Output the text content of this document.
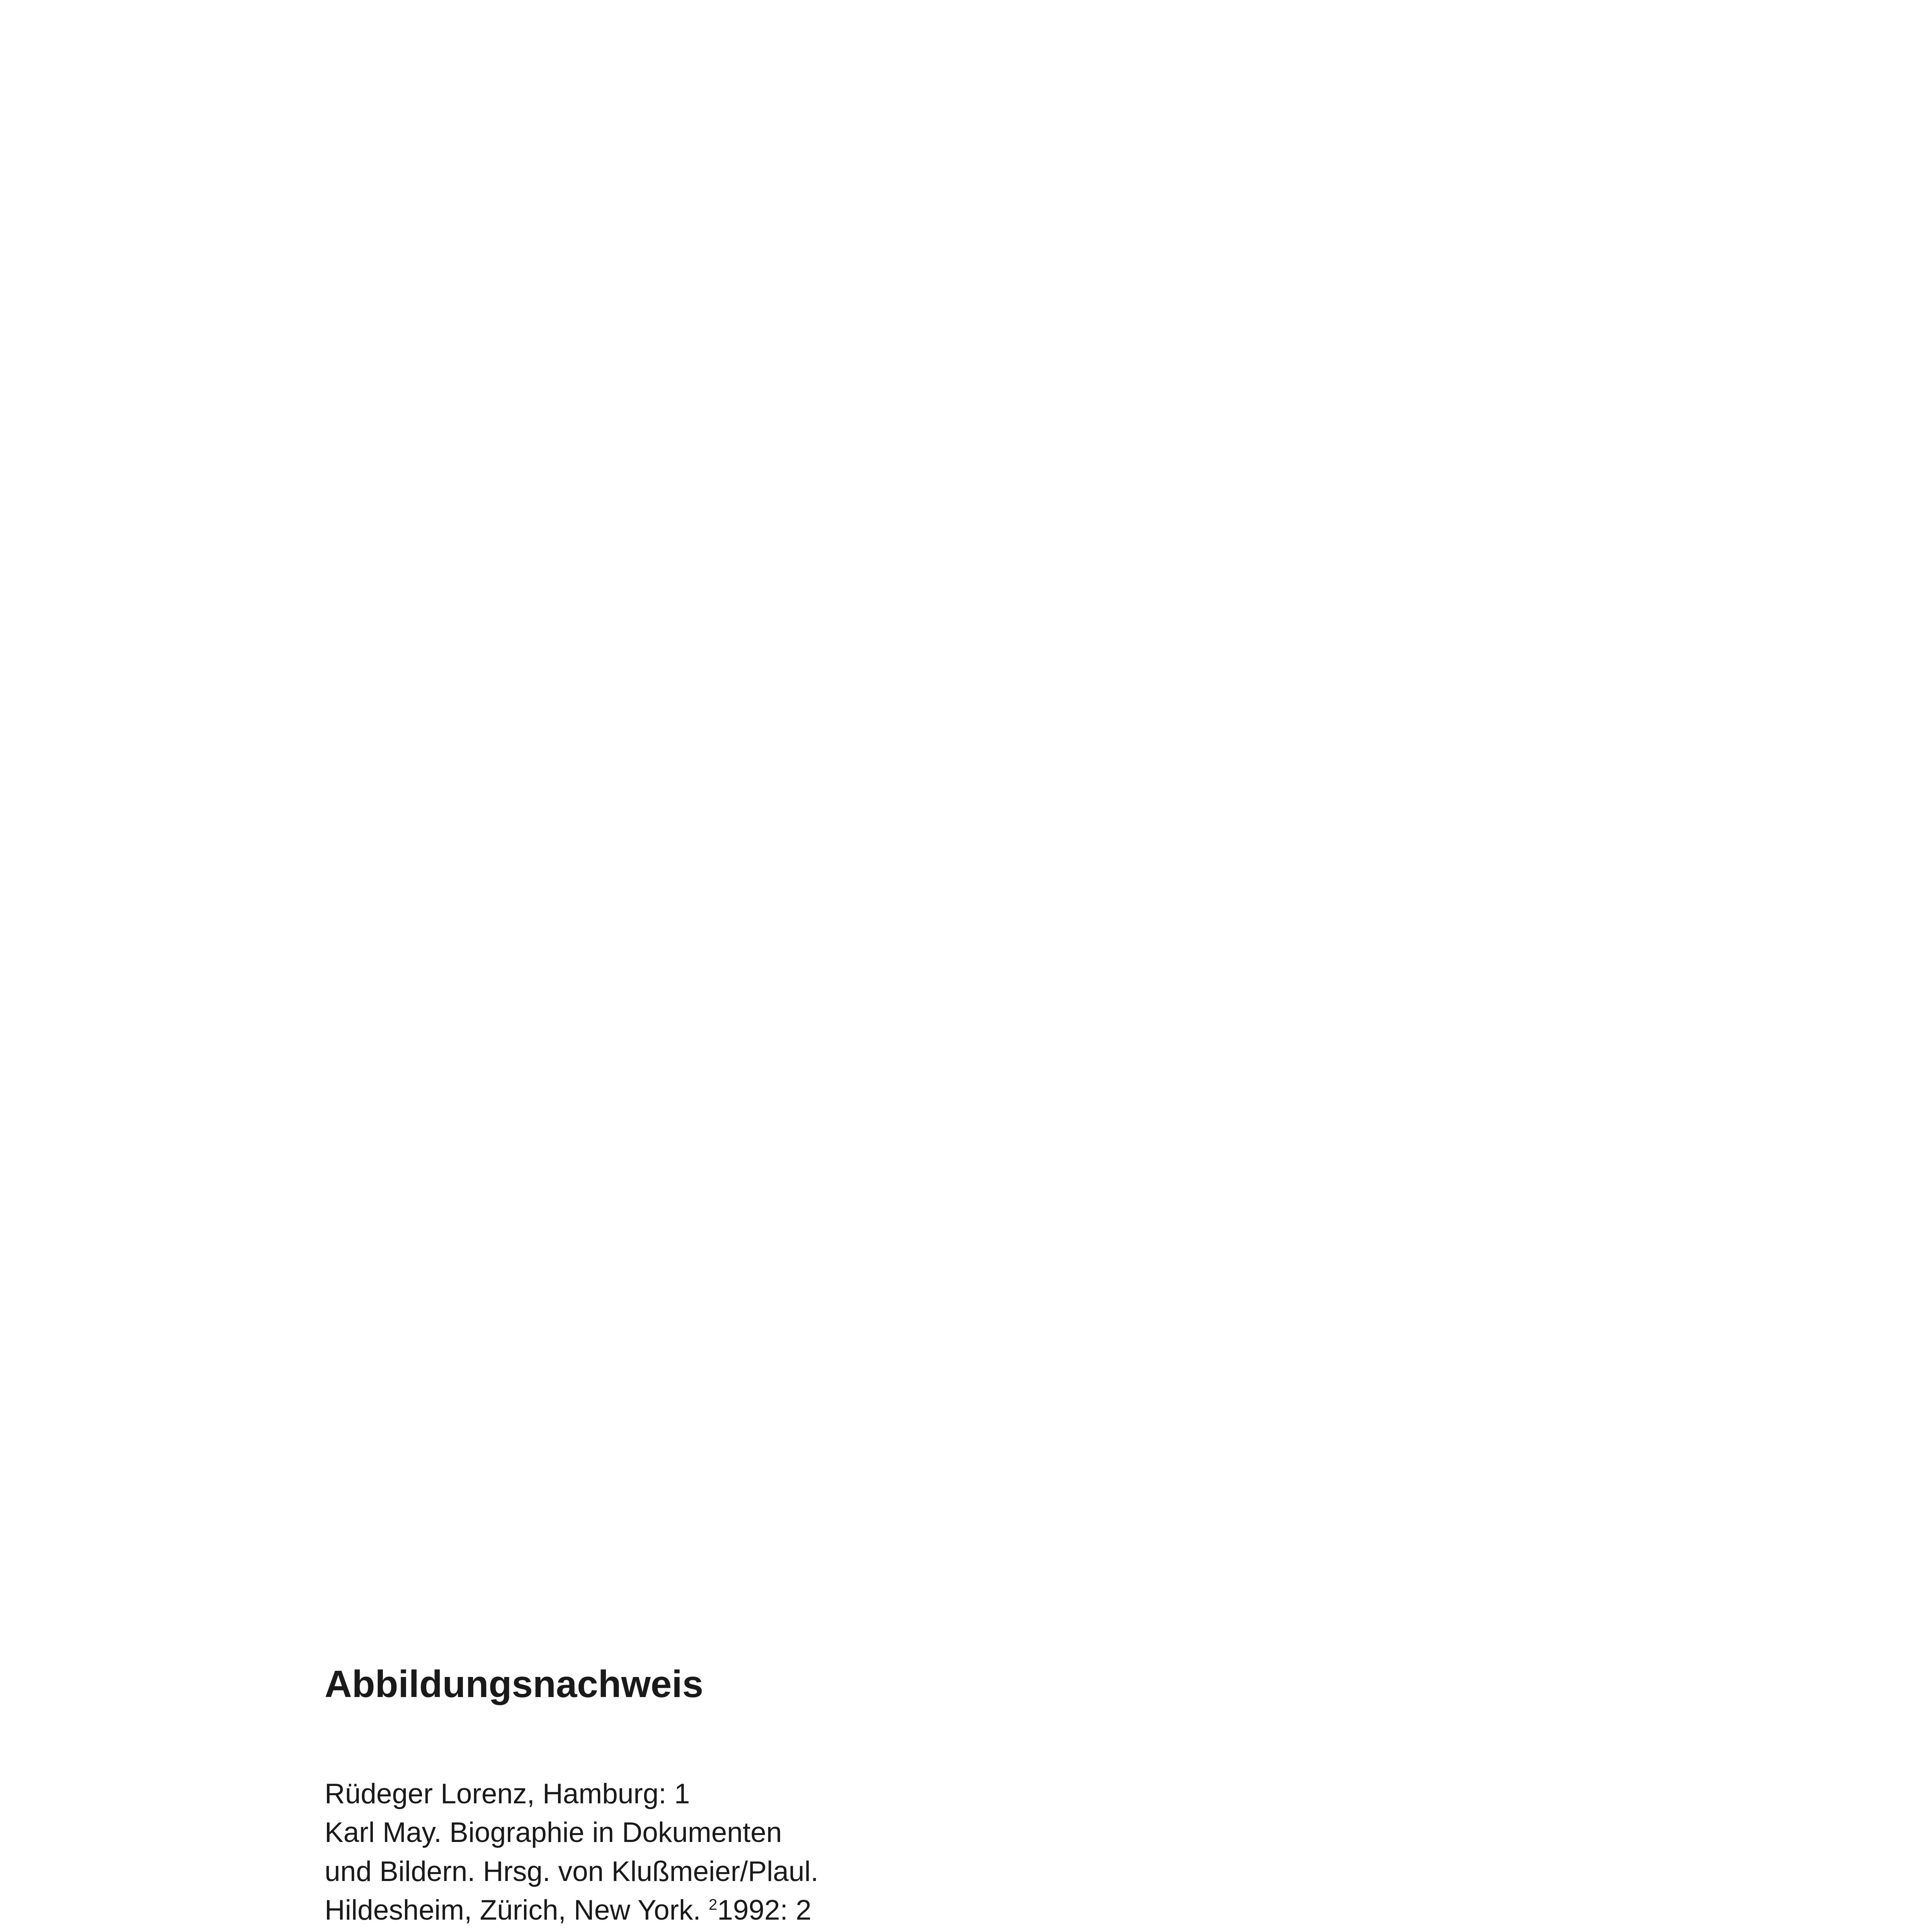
Abbildungsnachweis
Rüdeger Lorenz, Hamburg: 1
Karl May. Biographie in Dokumenten
und Bildern. Hrsg. von Klußmeier/Plaul.
Hildesheim, Zürich, New York. $^2$1992: 2
